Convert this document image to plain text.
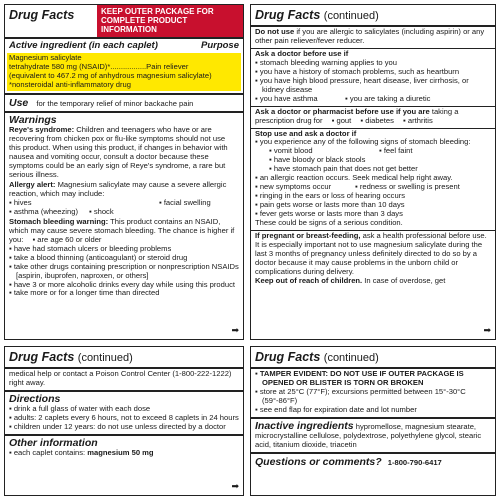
Drug Facts	KEEP OUTER PACKAGE FOR COMPLETE PRODUCT INFORMATION
Active ingredient (in each caplet)	Purpose
Magnesium salicylate
tetrahydrate 580 mg (NSAID)*.................Pain reliever
(equivalent to 467.2 mg of anhydrous magnesium salicylate)
*nonsteroidal anti-inflammatory drug
Use for the temporary relief of minor backache pain
Warnings
Reye's syndrome: Children and teenagers who have or are recovering from chicken pox or flu-like symptoms should not use this product. When using this product, if changes in behavior with nausea and vomiting occur, consult a doctor because these symptoms could be an early sign of Reye's syndrome, a rare but serious illness.
Allergy alert: Magnesium salicylate may cause a severe allergic reaction, which may include:
▪ hives	▪ facial swelling
▪ asthma (wheezing)	▪ shock
Stomach bleeding warning: This product contains an NSAID, which may cause severe stomach bleeding. The chance is higher if you: ▪ are age 60 or older
▪ have had stomach ulcers or bleeding problems
▪ take a blood thinning (anticoagulant) or steroid drug
▪ take other drugs containing prescription or nonprescription NSAIDs [aspirin, ibuprofen, naproxen, or others]
▪ have 3 or more alcoholic drinks every day while using this product
▪ take more or for a longer time than directed
➡
Drug Facts (continued)
Do not use if you are allergic to salicylates (including aspirin) or any other pain reliever/fever reducer.
Ask a doctor before use if
▪ stomach bleeding warning applies to you
▪ you have a history of stomach problems, such as heartburn
▪ you have high blood pressure, heart disease, liver cirrhosis, or kidney disease
▪ you have asthma	▪ you are taking a diuretic
Ask a doctor or pharmacist before use if you are taking a prescription drug for ▪ gout ▪ diabetes ▪ arthritis
Stop use and ask a doctor if
▪ you experience any of the following signs of stomach bleeding:
▪ vomit blood	▪ feel faint
▪ have bloody or black stools
▪ have stomach pain that does not get better
▪ an allergic reaction occurs. Seek medical help right away.
▪ new symptoms occur	▪ redness or swelling is present
▪ ringing in the ears or loss of hearing occurs
▪ pain gets worse or lasts more than 10 days
▪ fever gets worse or lasts more than 3 days
These could be signs of a serious condition.
If pregnant or breast-feeding, ask a health professional before use. It is especially important not to use magnesium salicylate during the last 3 months of pregnancy unless definitely directed to do so by a doctor because it may cause problems in the unborn child or complications during delivery.
Keep out of reach of children. In case of overdose, get
➡
Drug Facts (continued)
medical help or contact a Poison Control Center (1-800-222-1222) right away.
Directions
▪ drink a full glass of water with each dose
▪ adults: 2 caplets every 6 hours, not to exceed 8 caplets in 24 hours
▪ children under 12 years: do not use unless directed by a doctor
Other information
▪ each caplet contains: magnesium 50 mg
➡
Drug Facts (continued)
▪ TAMPER EVIDENT: DO NOT USE IF OUTER PACKAGE IS
OPENED OR BLISTER IS TORN OR BROKEN
▪ store at 25°C (77°F); excursions permitted between 15°-30°C (59°-86°F)
▪ see end flap for expiration date and lot number
Inactive ingredients hypromellose, magnesium stearate, microcrystalline cellulose, polydextrose, polyethylene glycol, stearic acid, titanium dioxide, triacetin
Questions or comments? 1-800-790-6417
